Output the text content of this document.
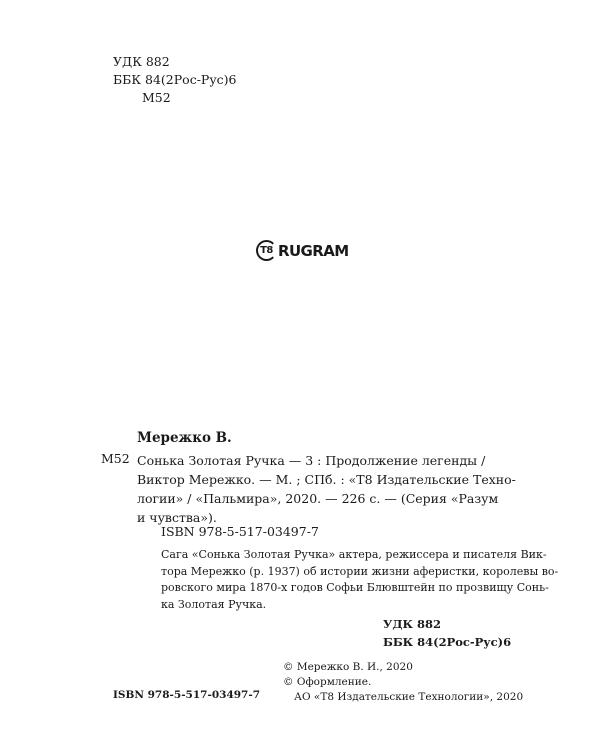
УДК 882
ББК 84(2Рос-Рус)6
М52
T8 RUGRAM
Мережко В.
М52 Сонька Золотая Ручка — 3 : Продолжение легенды /
Виктор Мережко. — М. ; СПб. : «Т8 Издательские Техно-
логии» / «Пальмира», 2020. — 226 с. — (Серия «Разум
и чувства»).
ISBN 978-5-517-03497-7
Сага «Сонька Золотая Ручка» актера, режиссера и писателя Вик-
тора Мережко (р. 1937) об истории жизни аферистки, королевы во-
ровского мира 1870-х годов Софьи Блювштейн по прозвищу Сонь-
ка Золотая Ручка.
УДК 882
ББК 84(2Рос-Рус)6
© Мережко В. И., 2020
© Оформление.
АО «Т8 Издательские Технологии», 2020
ISBN 978-5-517-03497-7
